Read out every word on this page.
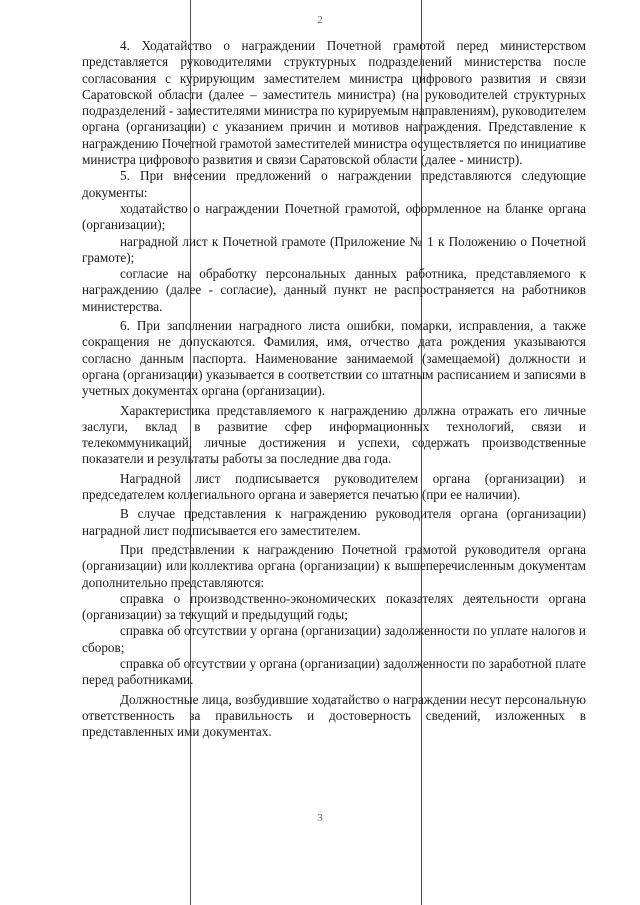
2

4. Ходатайство о награждении Почетной грамотой перед министерством представляется руководителями структурных подразделений министерства после согласования с курирующим заместителем министра цифрового развития и связи Саратовской области (далее – заместитель министра) (на руководителей структурных подразделений - заместителями министра по курируемым направлениям), руководителем органа (организации) с указанием причин и мотивов награждения. Представление к награждению Почетной грамотой заместителей министра осуществляется по инициативе министра цифрового развития и связи Саратовской области (далее - министр).

5. При внесении предложений о награждении представляются следующие документы:

ходатайство о награждении Почетной грамотой, оформленное на бланке органа (организации);

наградной лист к Почетной грамоте (Приложение № 1 к Положению о Почетной грамоте);

согласие на обработку персональных данных работника, представляемого к награждению (далее - согласие), данный пункт не распространяется на работников министерства.

6. При заполнении наградного листа ошибки, помарки, исправления, а также сокращения не допускаются. Фамилия, имя, отчество дата рождения указываются согласно данным паспорта. Наименование занимаемой (замещаемой) должности и органа (организации) указывается в соответствии со штатным расписанием и записями в учетных документах органа (организации).

Характеристика представляемого к награждению должна отражать его личные заслуги, вклад в развитие сфер информационных технологий, связи и телекоммуникаций, личные достижения и успехи, содержать производственные показатели и результаты работы за последние два года.

Наградной лист подписывается руководителем органа (организации) и председателем коллегиального органа и заверяется печатью (при ее наличии).

В случае представления к награждению руководителя органа (организации) наградной лист подписывается его заместителем.

При представлении к награждению Почетной грамотой руководителя органа (организации) или коллектива органа (организации) к вышеперечисленным документам дополнительно представляются:

справка о производственно-экономических показателях деятельности органа (организации) за текущий и предыдущий годы;

справка об отсутствии у органа (организации) задолженности по уплате налогов и сборов;

справка об отсутствии у органа (организации) задолженности по заработной плате перед работниками.

Должностные лица, возбудившие ходатайство о награждении несут персональную ответственность за правильность и достоверность сведений, изложенных в представленных ими документах.

3
